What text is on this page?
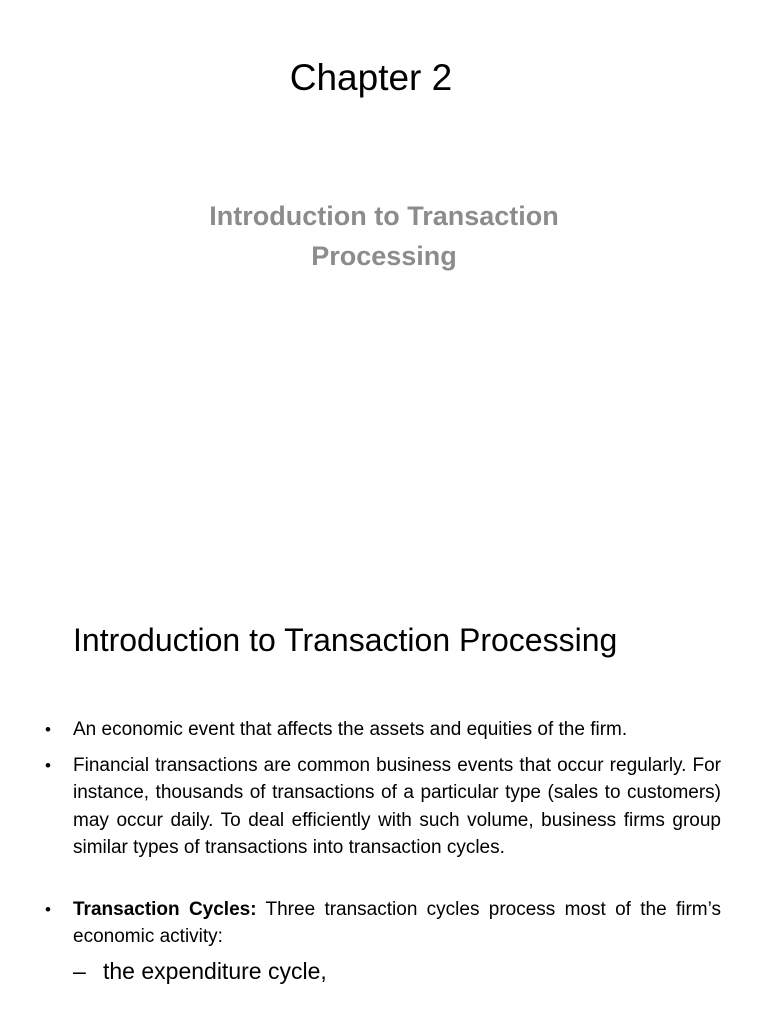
Chapter 2
Introduction to Transaction Processing
Introduction to Transaction Processing
• An economic event that affects the assets and equities of the firm.
• Financial transactions are common business events that occur regularly. For instance, thousands of transactions of a particular type (sales to customers) may occur daily. To deal efficiently with such volume, business firms group similar types of transactions into transaction cycles.
• Transaction Cycles: Three transaction cycles process most of the firm’s economic activity:
– the expenditure cycle,
